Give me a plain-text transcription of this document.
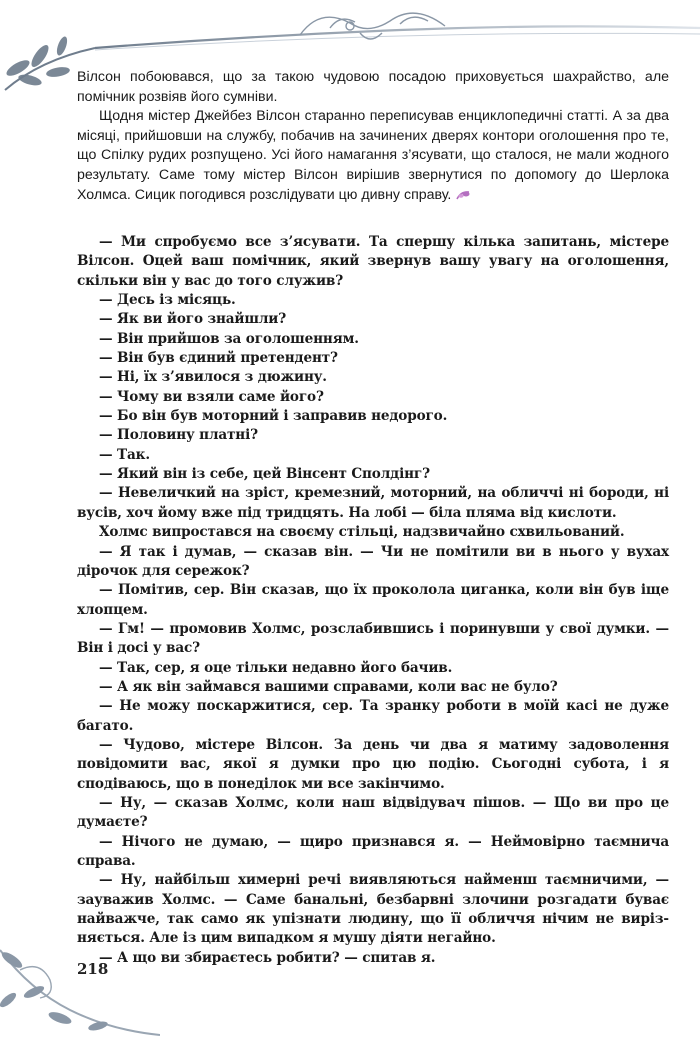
Вілсон побоювався, що за такою чудовою посадою приховується шахрайство, але помічник розвіяв його сумніви.

Щодня містер Джейбез Вілсон старанно переписував енциклопедичні статті. А за два місяці, прийшовши на службу, побачив на зачинених дверях контори оголошення про те, що Спілку рудих розпущено. Усі його намагання з’ясувати, що сталося, не мали жодного результату. Саме тому містер Вілсон вирішив звернутися по допомогу до Шерлока Холмса. Сицик погодився розслідувати цю дивну справу.

— Ми спробуємо все з’ясувати. Та спершу кілька запитань, містере Вілсон. Оцей ваш помічник, який звернув вашу увагу на оголошення, скільки він у вас до того служив?

— Десь із місяць.

— Як ви його знайшли?

— Він прийшов за оголошенням.

— Він був єдиний претендент?

— Ні, їх з’явилося з дюжину.

— Чому ви взяли саме його?

— Бо він був моторний і заправив недорого.

— Половину платні?

— Так.

— Який він із себе, цей Вінсент Сполдінг?

— Невеличкий на зріст, кремезний, моторний, на обличчі ні бороди, ні вусів, хоч йому вже під тридцять. На лобі — біла пляма від кислоти.

Холмс випростався на своєму стільці, надзвичайно схвильований.

— Я так і думав, — сказав він. — Чи не помітили ви в нього у вухах дірочок для сережок?

— Помітив, сер. Він сказав, що їх проколола циганка, коли він був іще хлопцем.

— Гм! — промовив Холмс, розслабившись і поринувши у свої думки. — Він і досі у вас?

— Так, сер, я оце тільки недавно його бачив.

— А як він займався вашими справами, коли вас не було?

— Не можу поскаржитися, сер. Та зранку роботи в моїй касі не дуже багато.

— Чудово, містере Вілсон. За день чи два я матиму задоволення повідомити вас, якої я думки про цю подію. Сьогодні субота, і я сподіваюсь, що в понеділок ми все закінчимо.

— Ну, — сказав Холмс, коли наш відвідувач пішов. — Що ви про це думаєте?

— Нічого не думаю, — щиро признався я. — Неймовірно таємнича справа.

— Ну, найбільш химерні речі виявляються найменш таємничими, — зауважив Холмс. — Саме банальні, безбарвні злочини розгадати буває найважче, так само як упізнати людину, що її обличчя нічим не вирізняється. Але із цим випадком я мушу діяти негайно.

— А що ви збираєтесь робити? — спитав я.

218
